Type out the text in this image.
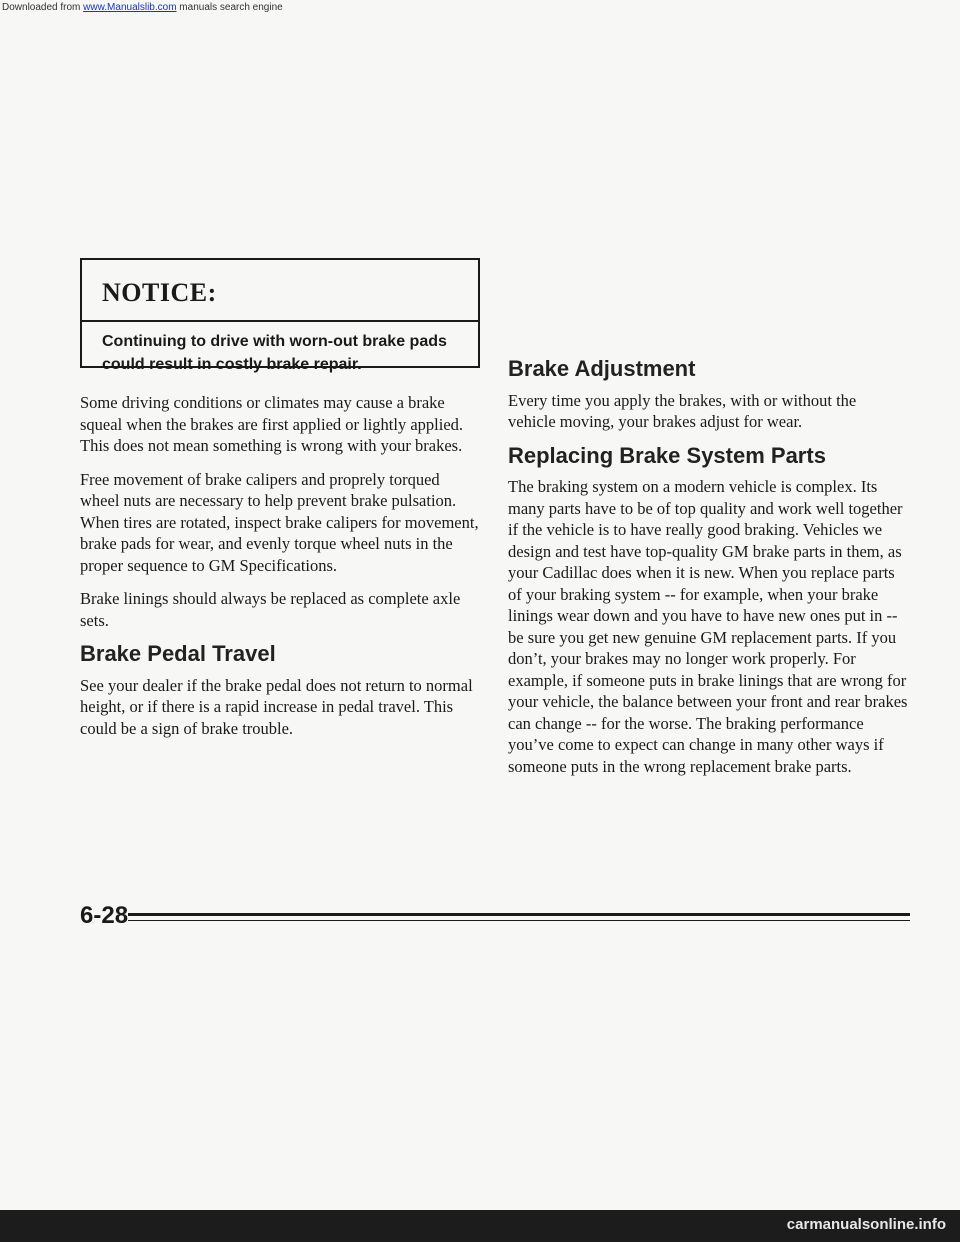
Downloaded from www.Manualslib.com manuals search engine
NOTICE:
Continuing to drive with worn-out brake pads could result in costly brake repair.

Some driving conditions or climates may cause a brake squeal when the brakes are first applied or lightly applied. This does not mean something is wrong with your brakes.

Free movement of brake calipers and proprely torqued wheel nuts are necessary to help prevent brake pulsation. When tires are rotated, inspect brake calipers for movement, brake pads for wear, and evenly torque wheel nuts in the proper sequence to GM Specifications.

Brake linings should always be replaced as complete axle sets.

Brake Pedal Travel

See your dealer if the brake pedal does not return to normal height, or if there is a rapid increase in pedal travel. This could be a sign of brake trouble.

Brake Adjustment

Every time you apply the brakes, with or without the vehicle moving, your brakes adjust for wear.

Replacing Brake System Parts

The braking system on a modern vehicle is complex. Its many parts have to be of top quality and work well together if the vehicle is to have really good braking. Vehicles we design and test have top-quality GM brake parts in them, as your Cadillac does when it is new. When you replace parts of your braking system -- for example, when your brake linings wear down and you have to have new ones put in -- be sure you get new genuine GM replacement parts. If you don’t, your brakes may no longer work properly. For example, if someone puts in brake linings that are wrong for your vehicle, the balance between your front and rear brakes can change -- for the worse. The braking performance you’ve come to expect can change in many other ways if someone puts in the wrong replacement brake parts.

6-28
carmanualsonline.info
